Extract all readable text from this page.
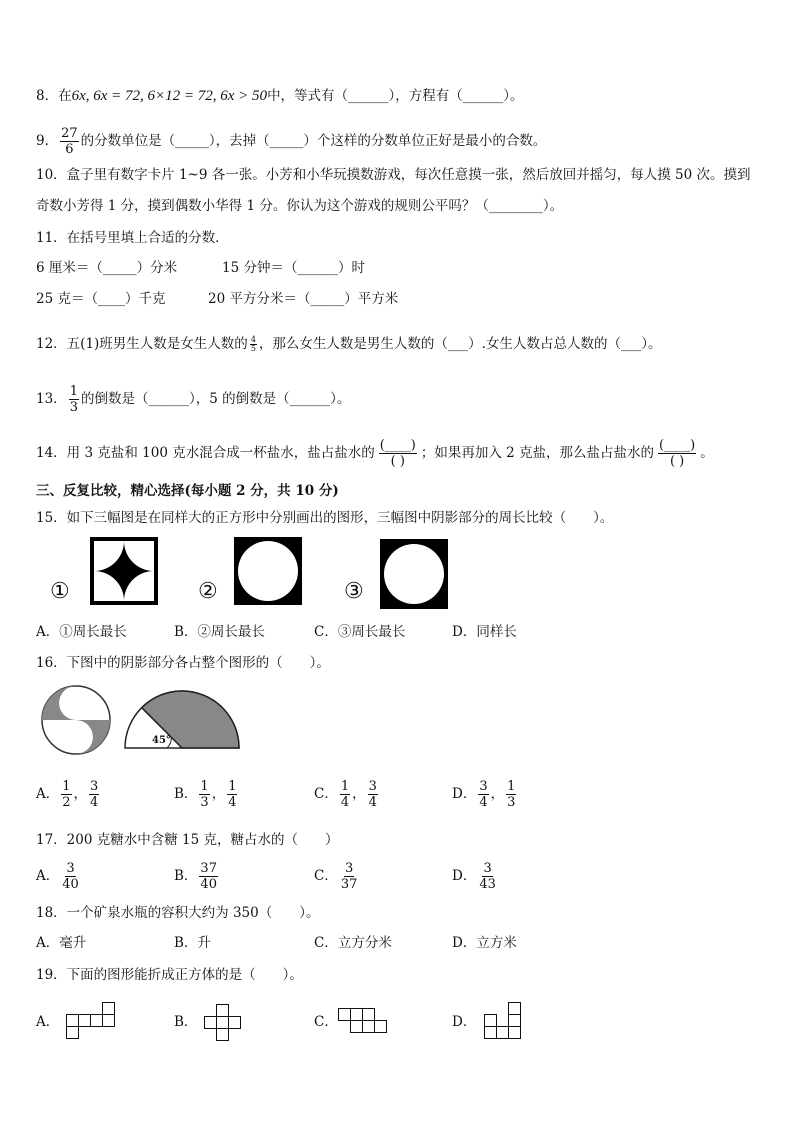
8．在6x, 6x = 72, 6×12 = 72, 6x > 50中，等式有（______），方程有（______）。
9． $\frac{27}{6}$ 的分数单位是（_____），去掉（_____）个这样的分数单位正好是最小的合数。
10．盒子里有数字卡片 1~9 各一张。小芳和小华玩摸数游戏，每次任意摸一张，然后放回并摇匀，每人摸 50 次。摸到
奇数小芳得 1 分，摸到偶数小华得 1 分。你认为这个游戏的规则公平吗？（________）。
11．在括号里填上合适的分数．
6 厘米＝（_____）分米	15 分钟＝（______）时
25 克＝（____）千克	20 平方分米＝（_____）平方米
12．五(1)班男生人数是女生人数的 $\frac{4}{5}$ ，那么女生人数是男生人数的（___）.女生人数占总人数的（___）。
13． $\frac{1}{3}$ 的倒数是（______），5 的倒数是（______）。
14．用 3 克盐和 100 克水混合成一杯盐水，盐占盐水的 (____)
( )
；如果再加入 2 克盐，那么盐占盐水的 (____)
( )
。
三、反复比较，精心选择(每小题 2 分，共 10 分)
15．如下三幅图是在同样大的正方形中分别画出的图形，三幅图中阴影部分的周长比较（　　）。
①	②	③
A．①周长最长	B．②周长最长	C．③周长最长	D．同样长
16．下图中的阴影部分各占整个图形的（　　）。
45°
A． $\frac{1}{2}$ ， $\frac{3}{4}$	B． $\frac{1}{3}$ ， $\frac{1}{4}$	C． $\frac{1}{4}$ ， $\frac{3}{4}$	D． $\frac{3}{4}$ ， $\frac{1}{3}$
17．200 克糖水中含糖 15 克，糖占水的（　　）
A． $\frac{3}{40}$	B． $\frac{37}{40}$	C． $\frac{3}{37}$	D． $\frac{3}{43}$
18．一个矿泉水瓶的容积大约为 350（　　）。
A．毫升	B．升	C．立方分米	D．立方米
19．下面的图形能折成正方体的是（　　）。
A．	B．	C．	D．
